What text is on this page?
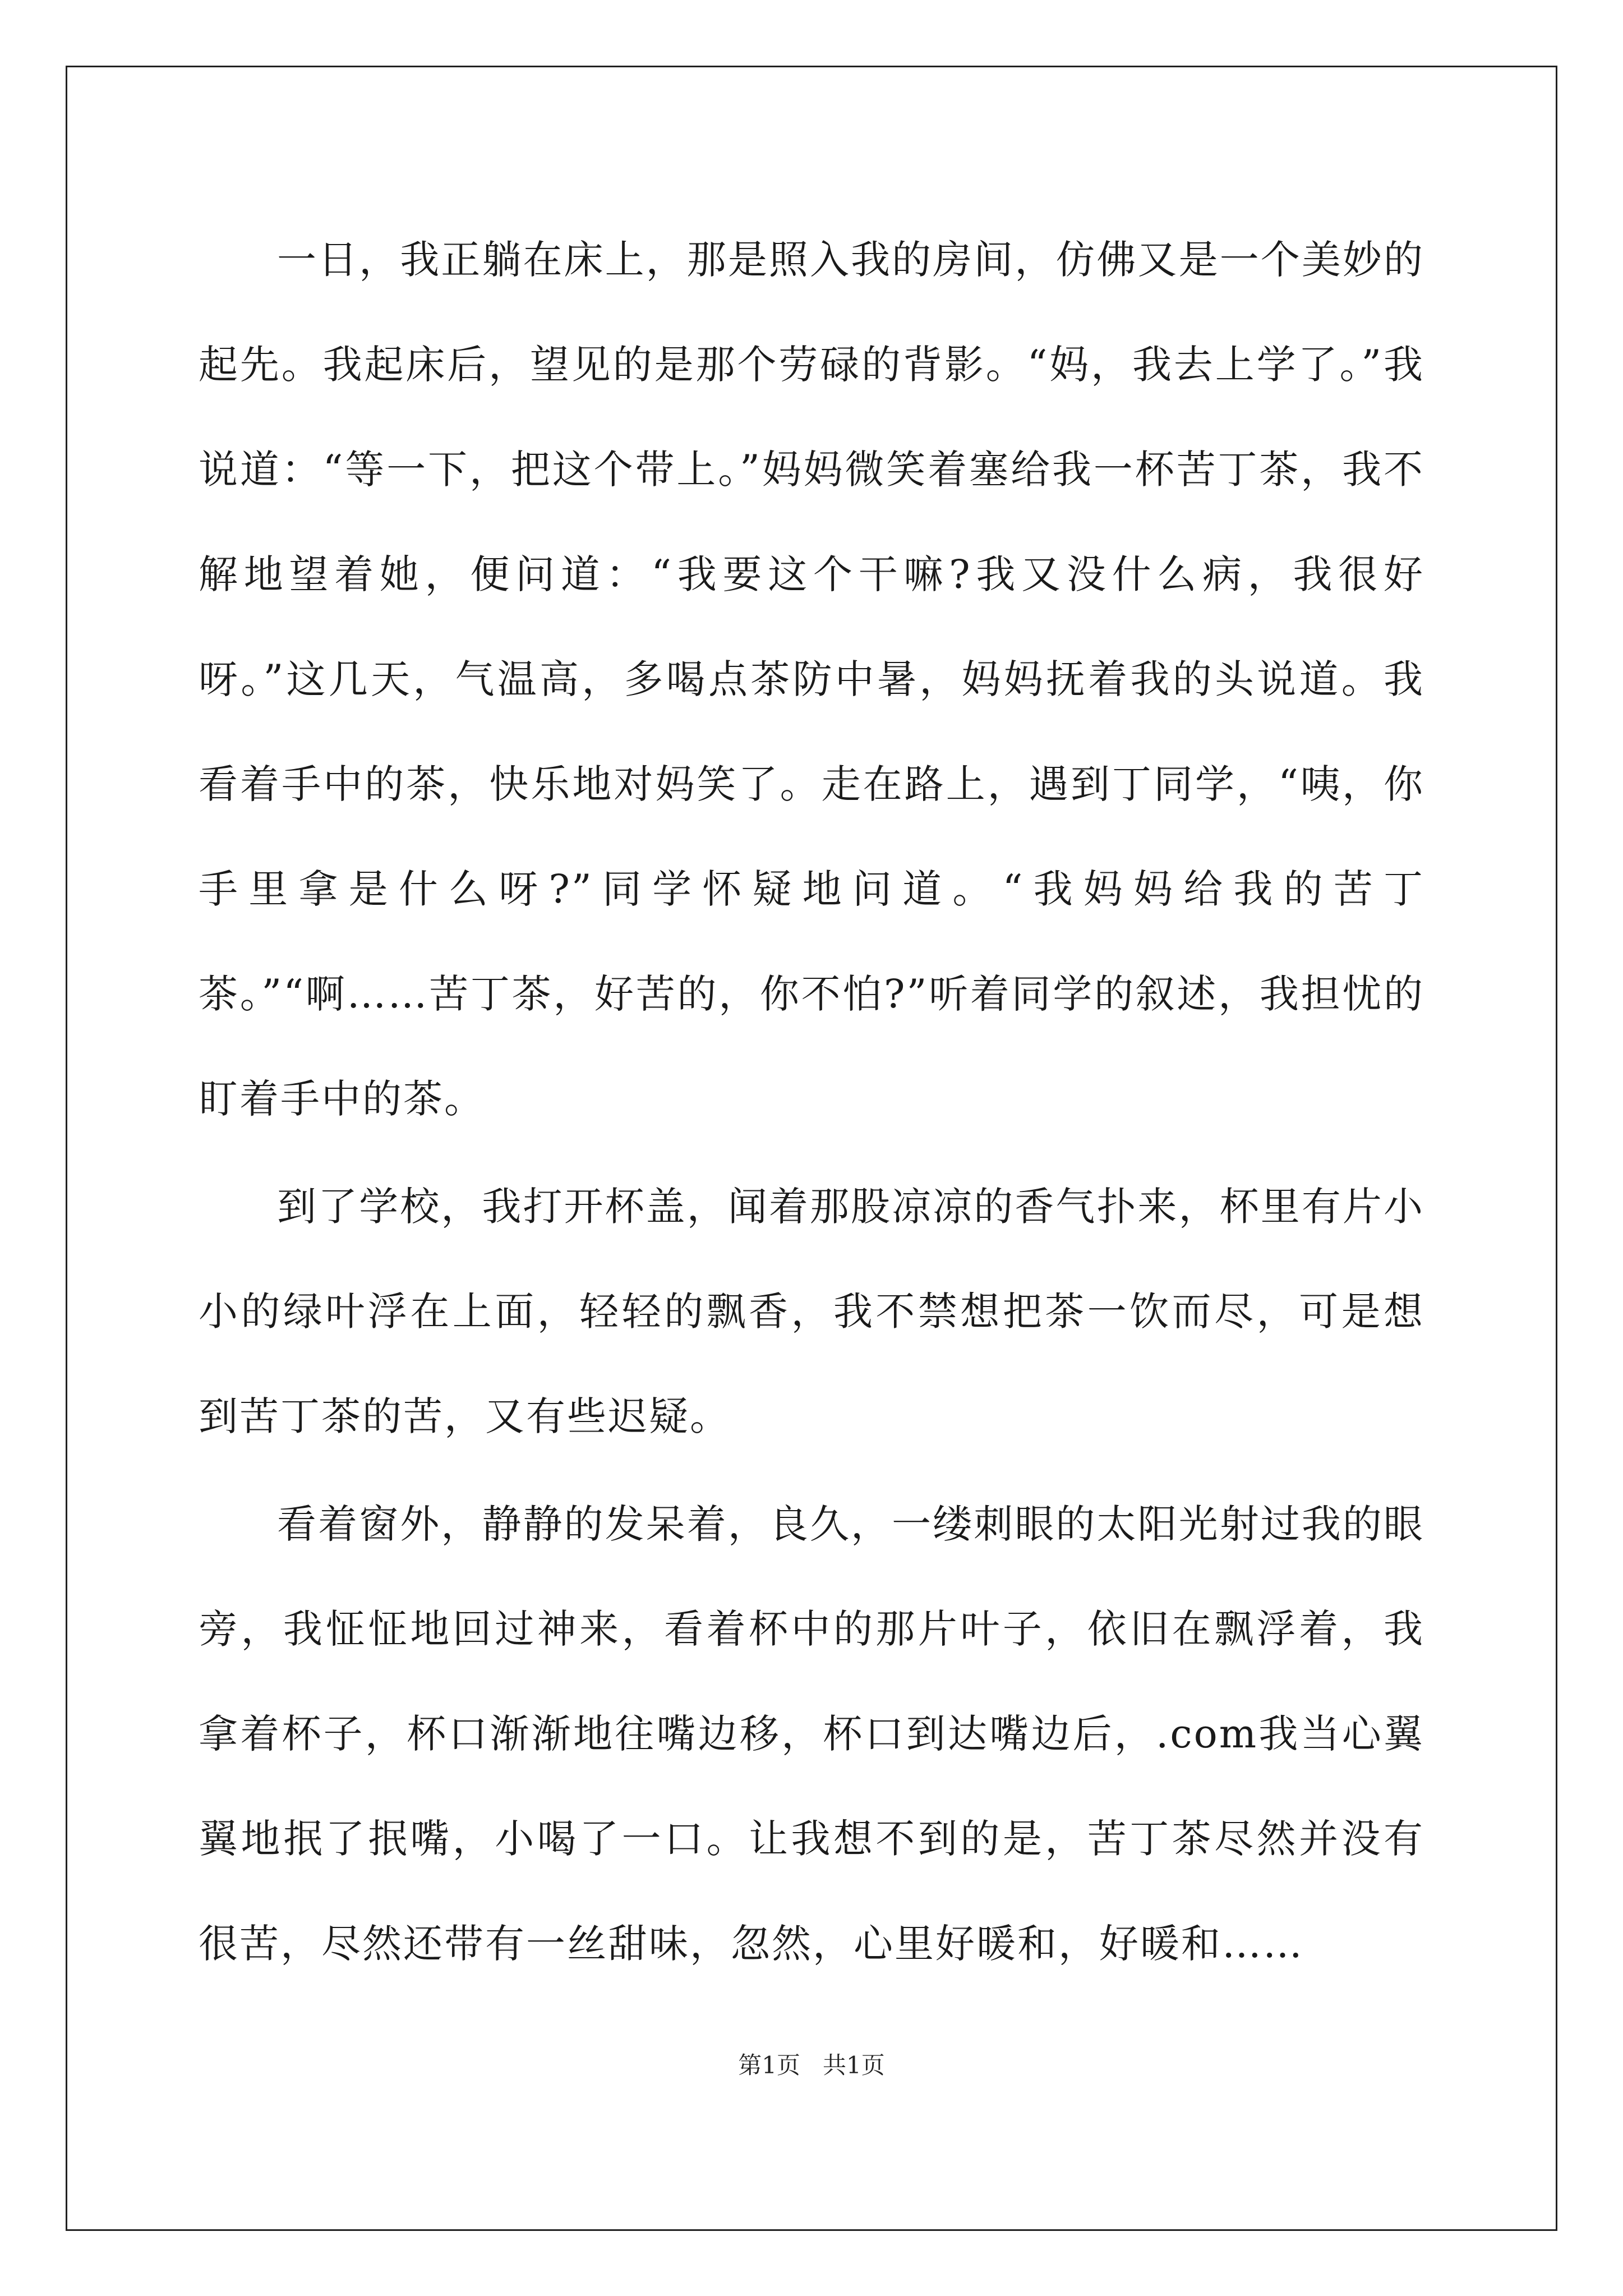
一日，我正躺在床上，那是照入我的房间，仿佛又是一个美妙的起先。我起床后，望见的是那个劳碌的背影。“妈，我去上学了。”我说道：“等一下，把这个带上。”妈妈微笑着塞给我一杯苦丁茶，我不解地望着她，便问道：“我要这个干嘛?我又没什么病，我很好呀。”这几天，气温高，多喝点茶防中暑，妈妈抚着我的头说道。我看着手中的茶，快乐地对妈笑了。走在路上，遇到丁同学，“咦，你手里拿是什么呀?”同学怀疑地问道。“我妈妈给我的苦丁茶。”“啊……苦丁茶，好苦的，你不怕?”听着同学的叙述，我担忧的盯着手中的茶。

到了学校，我打开杯盖，闻着那股凉凉的香气扑来，杯里有片小小的绿叶浮在上面，轻轻的飘香，我不禁想把茶一饮而尽，可是想到苦丁茶的苦，又有些迟疑。

看着窗外，静静的发呆着，良久，一缕刺眼的太阳光射过我的眼旁，我怔怔地回过神来，看着杯中的那片叶子，依旧在飘浮着，我拿着杯子，杯口渐渐地往嘴边移，杯口到达嘴边后，.com我当心翼翼地抿了抿嘴，小喝了一口。让我想不到的是，苦丁茶尽然并没有很苦，尽然还带有一丝甜味，忽然，心里好暖和，好暖和……

第1页 共1页
